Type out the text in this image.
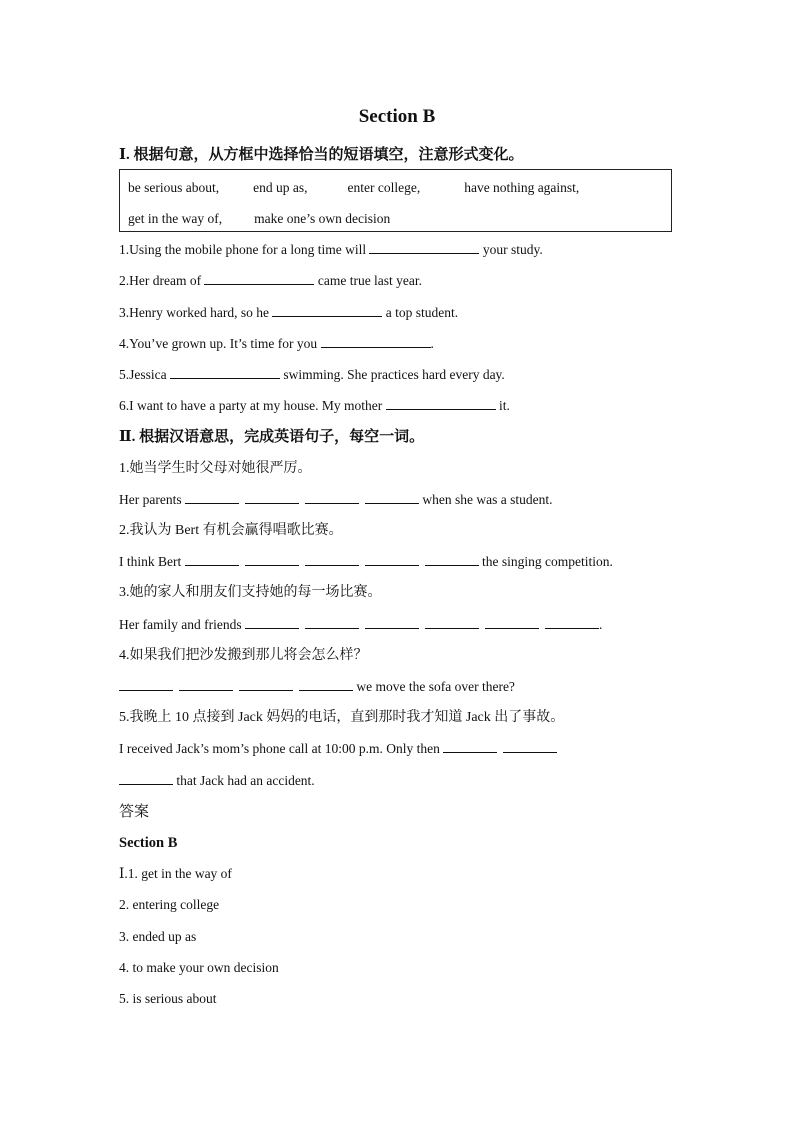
Section B
Ⅰ. 根据句意，从方框中选择恰当的短语填空，注意形式变化。
be serious about,	end up as,	enter college,	have nothing against,
get in the way of, make one’s own decision
1.Using the mobile phone for a long time will	your study.
2.Her dream of	came true last year.
3.Henry worked hard, so he	a top student.
4.You’ve grown up. It’s time for you	.
5.Jessica	swimming. She practices hard every day.
6.I want to have a party at my house. My mother	it.
Ⅱ. 根据汉语意思，完成英语句子，每空一词。
1.她当学生时父母对她很严厉。
Her parents	when she was a student.
2.我认为 Bert 有机会赢得唱歌比赛。
I think Bert	the singing competition.
3.她的家人和朋友们支持她的每一场比赛。
Her family and friends	.
4.如果我们把沙发搬到那儿将会怎么样？
we move the sofa over there?
5.我晚上 10 点接到 Jack 妈妈的电话，直到那时我才知道 Jack 出了事故。
I received Jack’s mom’s phone call at 10:00 p.m. Only then
that Jack had an accident.
答案
Section B
Ⅰ.1. get in the way of
2. entering college
3. ended up as
4. to make your own decision
5. is serious about
